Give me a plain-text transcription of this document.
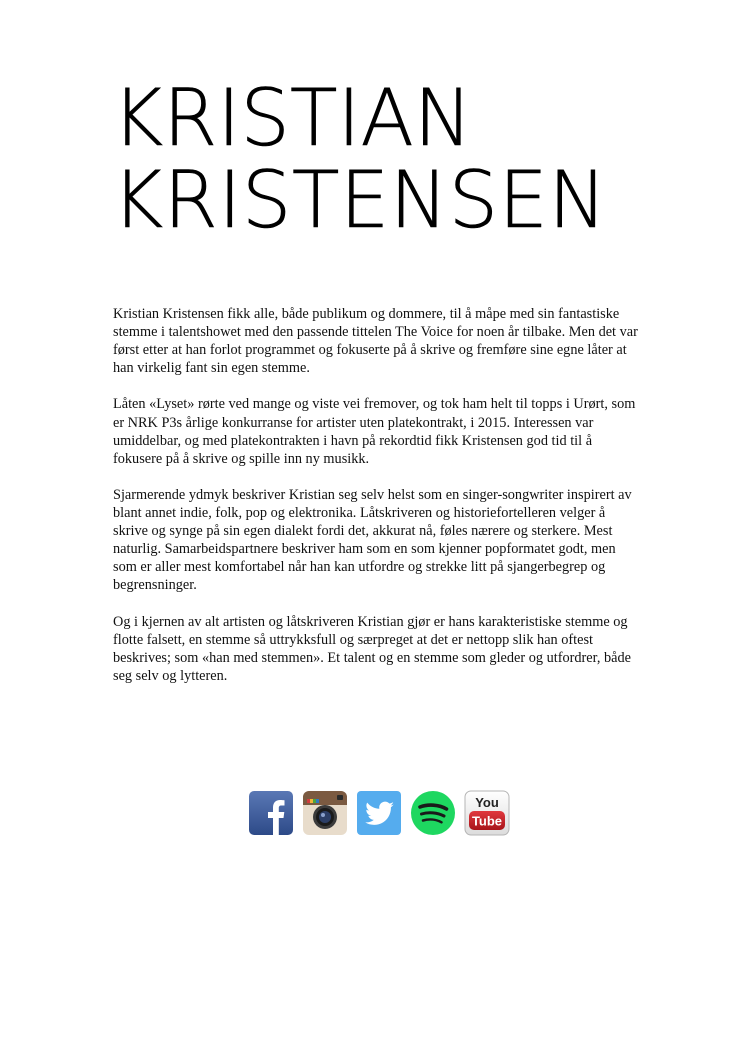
KRISTIAN
KRISTENSEN

Kristian Kristensen fikk alle, både publikum og dommere, til å måpe med sin fantastiske stemme i talentshowet med den passende tittelen The Voice for noen år tilbake. Men det var først etter at han forlot programmet og fokuserte på å skrive og fremføre sine egne låter at han virkelig fant sin egen stemme.

Låten «Lyset» rørte ved mange og viste vei fremover, og tok ham helt til topps i Urørt, som er NRK P3s årlige konkurranse for artister uten platekontrakt, i 2015. Interessen var umiddelbar, og med platekontrakten i havn på rekordtid fikk Kristensen god tid til å fokusere på å skrive og spille inn ny musikk.

Sjarmerende ydmyk beskriver Kristian seg selv helst som en singer-songwriter inspirert av blant annet indie, folk, pop og elektronika. Låtskriveren og historiefortelleren velger å skrive og synge på sin egen dialekt fordi det, akkurat nå, føles nærere og sterkere. Mest naturlig. Samarbeidspartnere beskriver ham som en som kjenner popformatet godt, men som er aller mest komfortabel når han kan utfordre og strekke litt på sjangerbegrep og begrensninger.

Og i kjernen av alt artisten og låtskriveren Kristian gjør er hans karakteristiske stemme og flotte falsett, en stemme så uttrykksfull og særpreget at det er nettopp slik han oftest beskrives; som «han med stemmen». Et talent og en stemme som gleder og utfordrer, både seg selv og lytteren.

You
Tube
